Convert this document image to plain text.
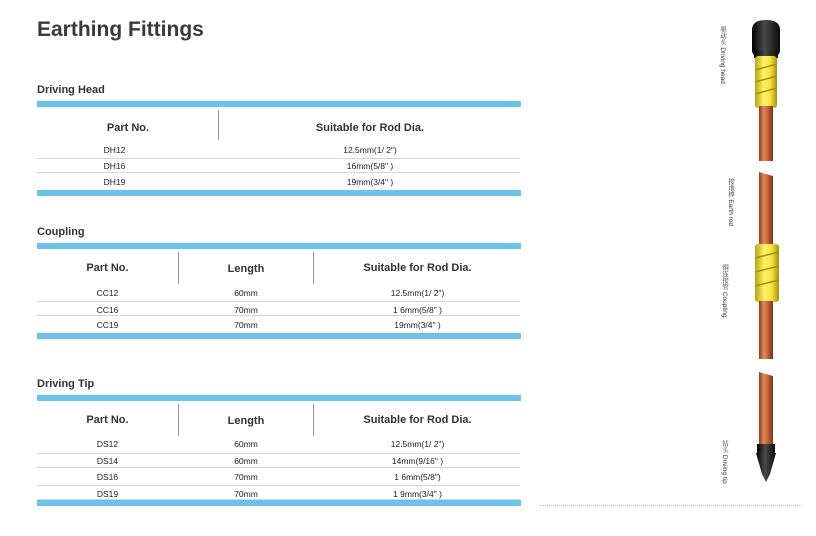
Earthing Fittings
Driving Head
Part No.	Suitable for Rod Dia.
DH12	12.5mm(1/ 2")
DH16	16mm(5/8" )
DH19	19mm(3/4" )
Coupling
Part No.	Length	Suitable for Rod Dia.
CC12	60mm	12.5mm(1/ 2")
CC16	70mm	1 6mm(5/8" )
CC19	70mm	19mm(3/4" )
Driving Tip
Part No.	Length	Suitable for Rod Dia.
DS12	60mm	12.5mm(1/ 2")
DS14	60mm	14mm(9/16" )
DS16	70mm	1 6mm(5/8")
DS19	70mm	1 9mm(3/4" )
驱动头 Driving head
接地棒 Earth rod
铜连接管 Coupling
钻头 Driving tip
